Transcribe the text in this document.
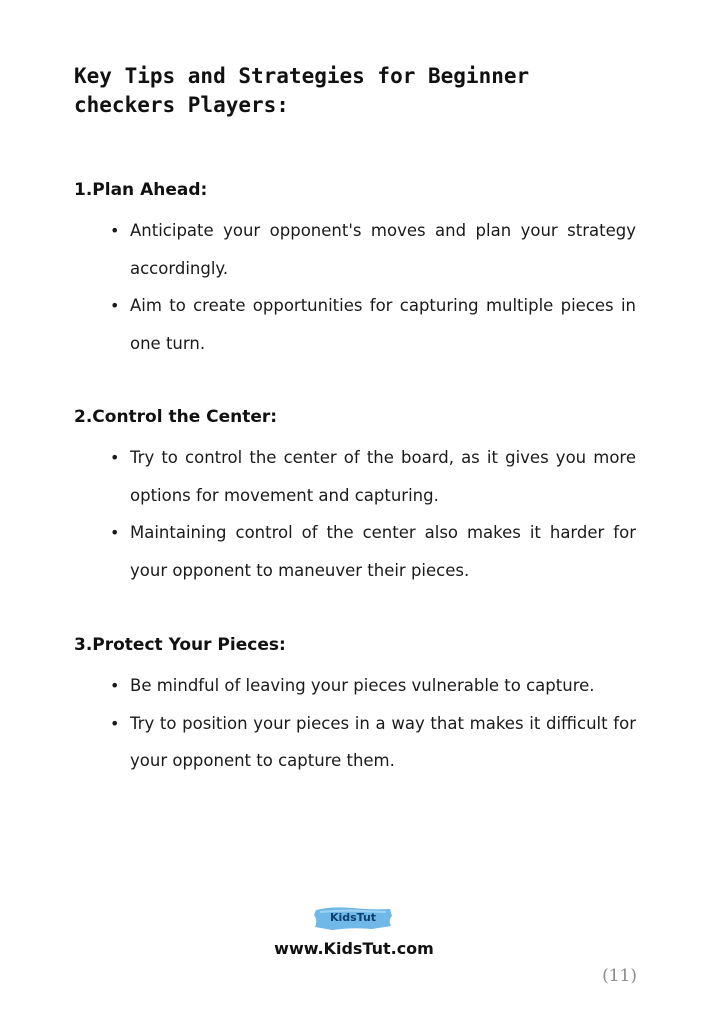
Key Tips and Strategies for Beginner checkers Players:
1.Plan Ahead:
• Anticipate your opponent's moves and plan your strategy accordingly.
• Aim to create opportunities for capturing multiple pieces in one turn.
2.Control the Center:
• Try to control the center of the board, as it gives you more options for movement and capturing.
• Maintaining control of the center also makes it harder for your opponent to maneuver their pieces.
3.Protect Your Pieces:
• Be mindful of leaving your pieces vulnerable to capture.
• Try to position your pieces in a way that makes it difficult for your opponent to capture them.
KidsTut
www.KidsTut.com
(11)
